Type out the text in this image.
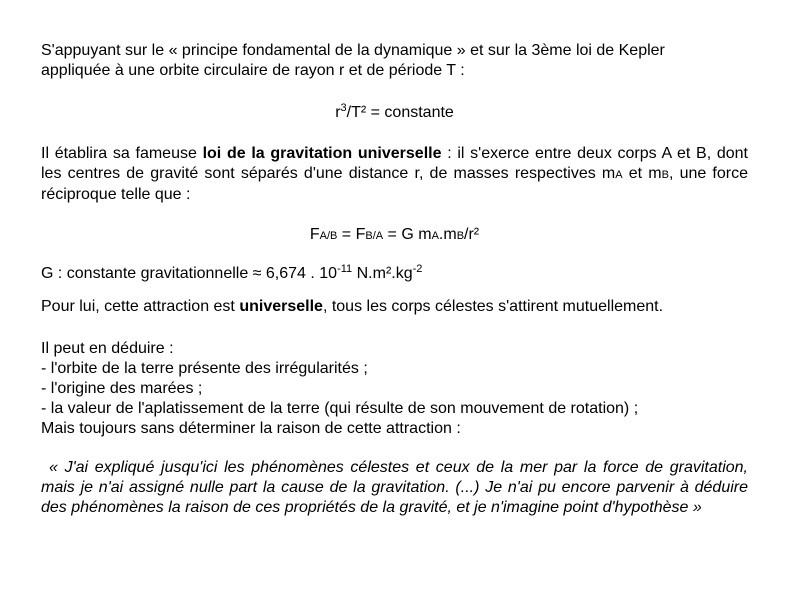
S'appuyant sur le « principe fondamental de la dynamique » et sur la 3ème loi de Kepler
appliquée à une orbite circulaire de rayon r et de période T :

$r^3/T^2$ = constante

Il établira sa fameuse loi de la gravitation universelle : il s'exerce entre deux corps A et B, dont les centres de gravité sont séparés d'une distance r, de masses respectives mA et mB, une force réciproque telle que :

FA/B = FB/A = G mA.mB/r²

G : constante gravitationnelle ≈ 6,674 . $10^{-11}$ $N.m^2.kg^{-2}$

Pour lui, cette attraction est universelle, tous les corps célestes s'attirent mutuellement.

Il peut en déduire :
- l'orbite de la terre présente des irrégularités ;
- l'origine des marées ;
- la valeur de l'aplatissement de la terre (qui résulte de son mouvement de rotation) ;
Mais toujours sans déterminer la raison de cette attraction :

« J'ai expliqué jusqu'ici les phénomènes célestes et ceux de la mer par la force de gravitation, mais je n'ai assigné nulle part la cause de la gravitation. (...) Je n'ai pu encore parvenir à déduire des phénomènes la raison de ces propriétés de la gravité, et je n'imagine point d'hypothèse »
